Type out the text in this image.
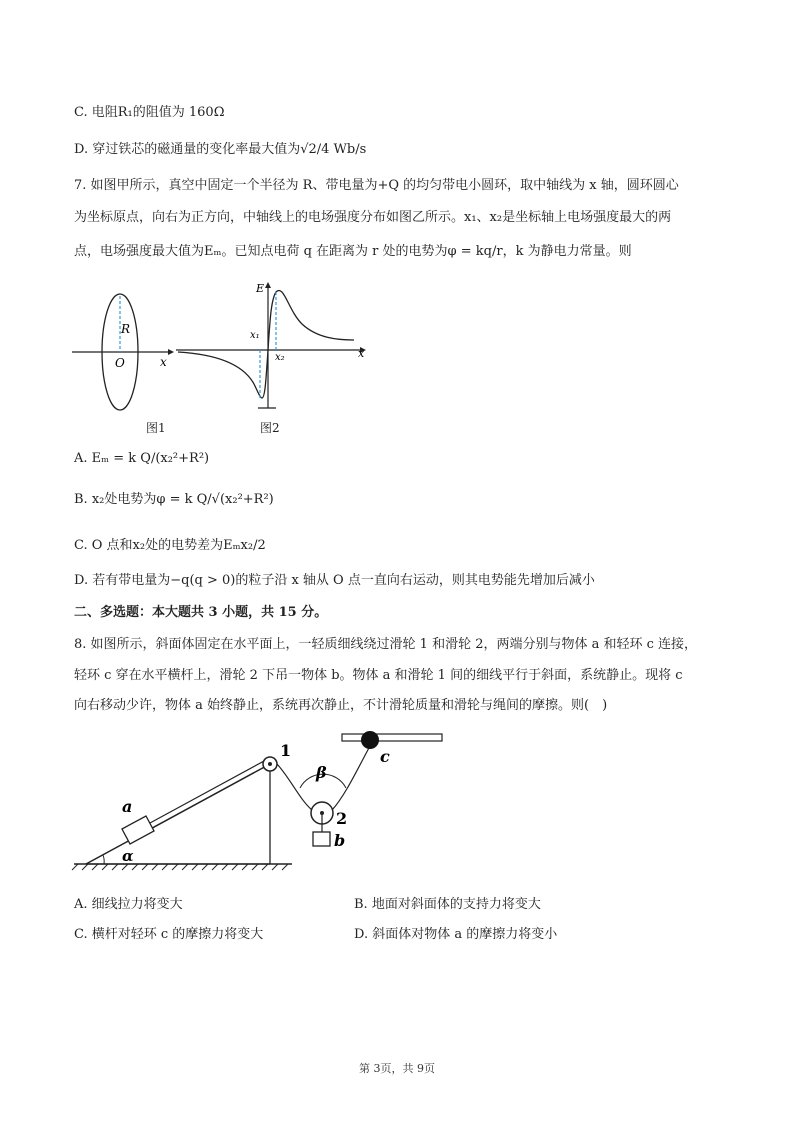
C. 电阻R₁的阻值为 160Ω
D. 穿过铁芯的磁通量的变化率最大值为√2/4 Wb/s
7. 如图甲所示，真空中固定一个半径为 R、带电量为+Q 的均匀带电小圆环，取中轴线为 x 轴，圆环圆心
为坐标原点，向右为正方向，中轴线上的电场强度分布如图乙所示。x₁、x₂是坐标轴上电场强度最大的两
点，电场强度最大值为Eₘ。已知点电荷 q 在距离为 r 处的电势为φ = kq/r，k 为静电力常量。则
R
O	x
图1
E
x₁
x₂	x
图2
A. Eₘ = k Q/(x₂²+R²)
B. x₂处电势为φ = k Q/√(x₂²+R²)
C. O 点和x₂处的电势差为Eₘx₂/2
D. 若有带电量为−q(q > 0)的粒子沿 x 轴从 O 点一直向右运动，则其电势能先增加后减小
二、多选题：本大题共 3 小题，共 15 分。
8. 如图所示，斜面体固定在水平面上，一轻质细线绕过滑轮 1 和滑轮 2，两端分别与物体 a 和轻环 c 连接，
轻环 c 穿在水平横杆上，滑轮 2 下吊一物体 b。物体 a 和滑轮 1 间的细线平行于斜面，系统静止。现将 c
向右移动少许，物体 a 始终静止，系统再次静止，不计滑轮质量和滑轮与绳间的摩擦。则(　)
a
α
1
β
2
b
c
A. 细线拉力将变大	B. 地面对斜面体的支持力将变大
C. 横杆对轻环 c 的摩擦力将变大	D. 斜面体对物体 a 的摩擦力将变小
第 3页，共 9页
